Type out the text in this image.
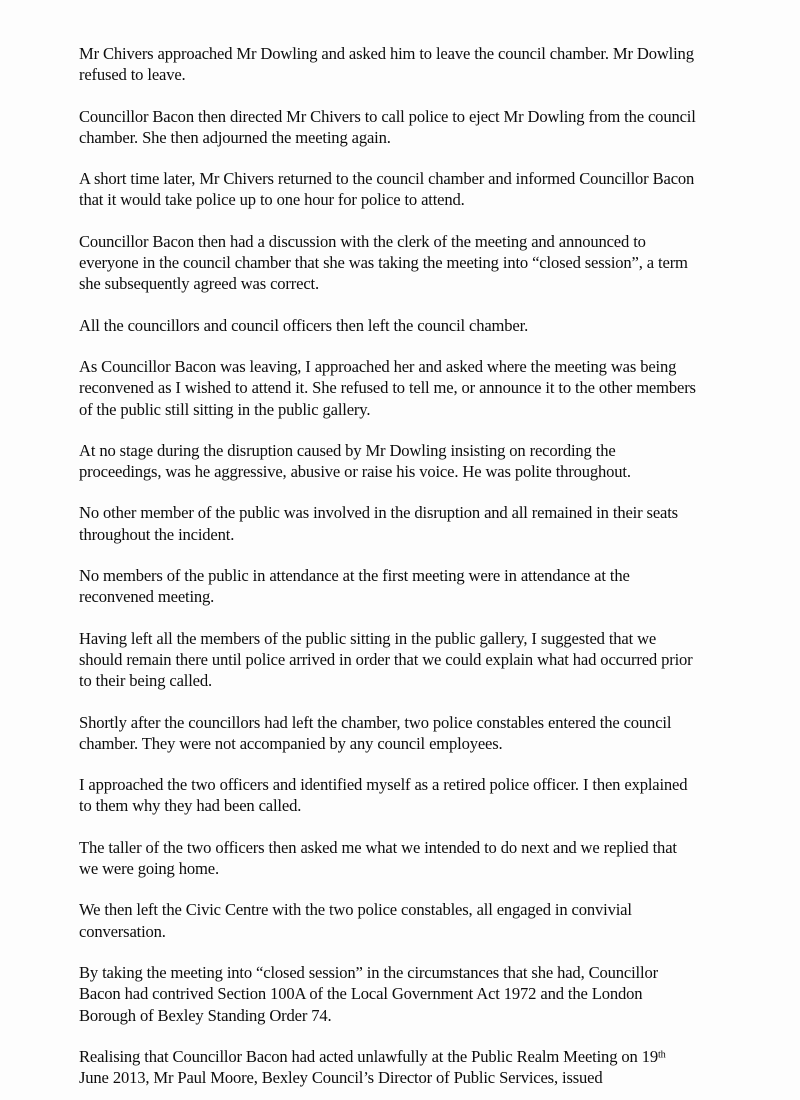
Mr Chivers approached Mr Dowling and asked him to leave the council chamber. Mr Dowling refused to leave.

Councillor Bacon then directed Mr Chivers to call police to eject Mr Dowling from the council chamber. She then adjourned the meeting again.

A short time later, Mr Chivers returned to the council chamber and informed Councillor Bacon that it would take police up to one hour for police to attend.

Councillor Bacon then had a discussion with the clerk of the meeting and announced to everyone in the council chamber that she was taking the meeting into “closed session”, a term she subsequently agreed was correct.

All the councillors and council officers then left the council chamber.

As Councillor Bacon was leaving, I approached her and asked where the meeting was being reconvened as I wished to attend it. She refused to tell me, or announce it to the other members of the public still sitting in the public gallery.

At no stage during the disruption caused by Mr Dowling insisting on recording the proceedings, was he aggressive, abusive or raise his voice. He was polite throughout.

No other member of the public was involved in the disruption and all remained in their seats throughout the incident.

No members of the public in attendance at the first meeting were in attendance at the reconvened meeting.

Having left all the members of the public sitting in the public gallery, I suggested that we should remain there until police arrived in order that we could explain what had occurred prior to their being called.

Shortly after the councillors had left the chamber, two police constables entered the council chamber. They were not accompanied by any council employees.

I approached the two officers and identified myself as a retired police officer. I then explained to them why they had been called.

The taller of the two officers then asked me what we intended to do next and we replied that we were going home.

We then left the Civic Centre with the two police constables, all engaged in convivial conversation.

By taking the meeting into “closed session” in the circumstances that she had, Councillor Bacon had contrived Section 100A of the Local Government Act 1972 and the London Borough of Bexley Standing Order 74.

Realising that Councillor Bacon had acted unlawfully at the Public Realm Meeting on 19th June 2013, Mr Paul Moore, Bexley Council’s Director of Public Services, issued
